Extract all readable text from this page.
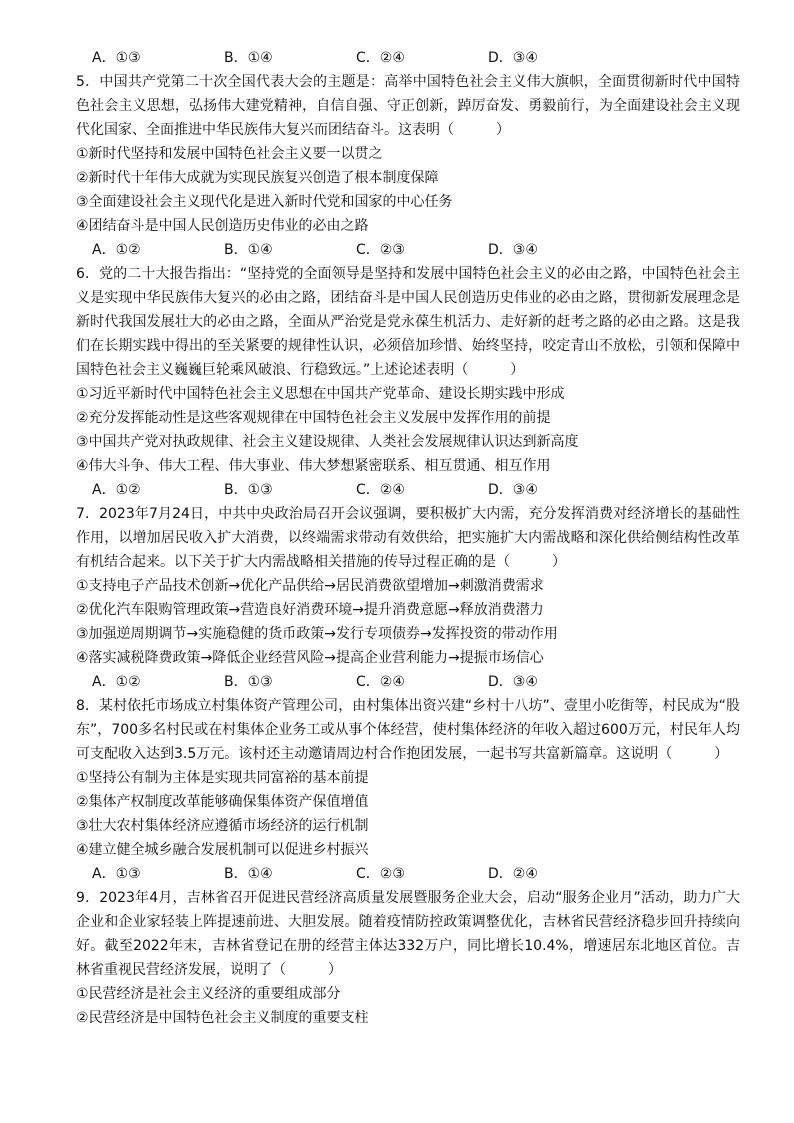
A．①③	B．①④	C．②④	D．③④
5．中国共产党第二十次全国代表大会的主题是：高举中国特色社会主义伟大旗帜，全面贯彻新时代中国特色社会主义思想，弘扬伟大建党精神，自信自强、守正创新，踔厉奋发、勇毅前行，为全面建设社会主义现代化国家、全面推进中华民族伟大复兴而团结奋斗。这表明（　　　）
①新时代坚持和发展中国特色社会主义要一以贯之
②新时代十年伟大成就为实现民族复兴创造了根本制度保障
③全面建设社会主义现代化是进入新时代党和国家的中心任务
④团结奋斗是中国人民创造历史伟业的必由之路
A．①②	B．①④	C．②③	D．③④
6．党的二十大报告指出：“坚持党的全面领导是坚持和发展中国特色社会主义的必由之路，中国特色社会主义是实现中华民族伟大复兴的必由之路，团结奋斗是中国人民创造历史伟业的必由之路，贯彻新发展理念是新时代我国发展壮大的必由之路，全面从严治党是党永葆生机活力、走好新的赶考之路的必由之路。这是我们在长期实践中得出的至关紧要的规律性认识，必须倍加珍惜、始终坚持，咬定青山不放松，引领和保障中国特色社会主义巍巍巨轮乘风破浪、行稳致远。”上述论述表明（　　　）
①习近平新时代中国特色社会主义思想在中国共产党革命、建设长期实践中形成
②充分发挥能动性是这些客观规律在中国特色社会主义发展中发挥作用的前提
③中国共产党对执政规律、社会主义建设规律、人类社会发展规律认识达到新高度
④伟大斗争、伟大工程、伟大事业、伟大梦想紧密联系、相互贯通、相互作用
A．①②	B．①③	C．②④	D．③④
7．2023年7月24日，中共中央政治局召开会议强调，要积极扩大内需，充分发挥消费对经济增长的基础性作用，以增加居民收入扩大消费，以终端需求带动有效供给，把实施扩大内需战略和深化供给侧结构性改革有机结合起来。以下关于扩大内需战略相关措施的传导过程正确的是（　　　）
①支持电子产品技术创新→优化产品供给→居民消费欲望增加→刺激消费需求
②优化汽车限购管理政策→营造良好消费环境→提升消费意愿→释放消费潜力
③加强逆周期调节→实施稳健的货币政策→发行专项债券→发挥投资的带动作用
④落实减税降费政策→降低企业经营风险→提高企业营利能力→提振市场信心
A．①②	B．①③	C．②④	D．③④
8．某村依托市场成立村集体资产管理公司，由村集体出资兴建“乡村十八坊”、壹里小吃街等，村民成为“股东”，700多名村民或在村集体企业务工或从事个体经营，使村集体经济的年收入超过600万元，村民年人均可支配收入达到3.5万元。该村还主动邀请周边村合作抱团发展，一起书写共富新篇章。这说明（　　　）
①坚持公有制为主体是实现共同富裕的基本前提
②集体产权制度改革能够确保集体资产保值增值
③壮大农村集体经济应遵循市场经济的运行机制
④建立健全城乡融合发展机制可以促进乡村振兴
A．①③	B．①④	C．②③	D．②④
9．2023年4月，吉林省召开促进民营经济高质量发展暨服务企业大会，启动“服务企业月”活动，助力广大企业和企业家轻装上阵提速前进、大胆发展。随着疫情防控政策调整优化，吉林省民营经济稳步回升持续向好。截至2022年末，吉林省登记在册的经营主体达332万户，同比增长10.4%，增速居东北地区首位。吉林省重视民营经济发展，说明了（　　　）
①民营经济是社会主义经济的重要组成部分
②民营经济是中国特色社会主义制度的重要支柱
